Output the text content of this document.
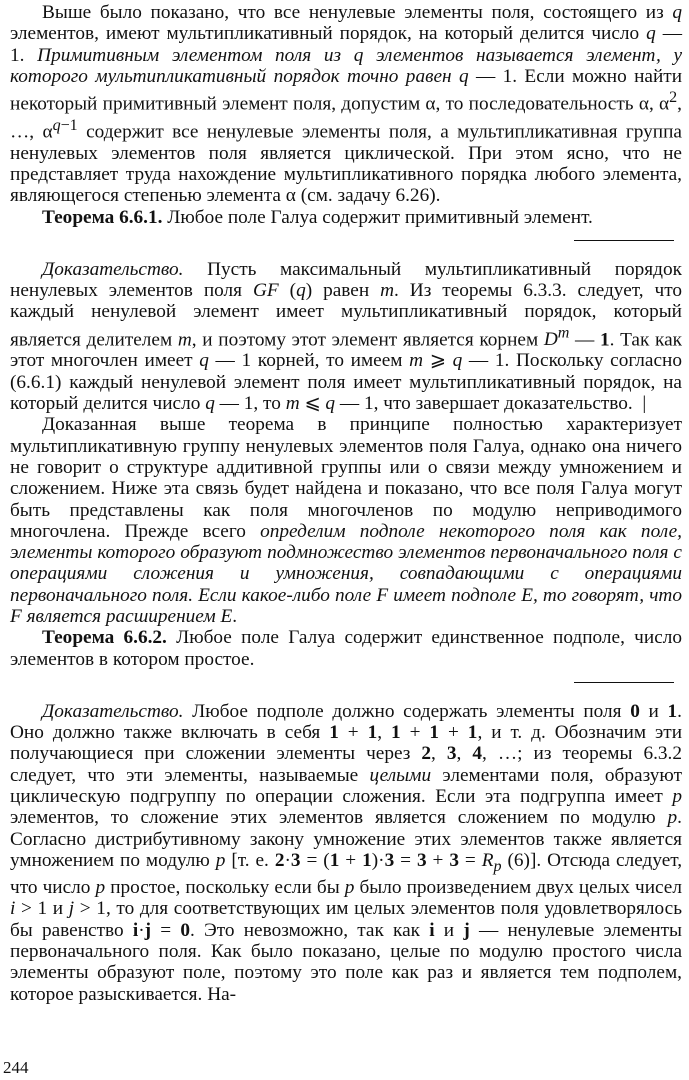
Выше было показано, что все ненулевые элементы поля, состоящего из q элементов, имеют мультипликативный порядок, на который делится число q — 1. Примитивным элементом поля из q элементов называется элемент, у которого мультипликативный порядок точно равен q — 1. Если можно найти некоторый примитивный элемент поля, допустим α, то последовательность α, $\alpha^2$, …, $\alpha^{q-1}$ содержит все ненулевые элементы поля, а мультипликативная группа ненулевых элементов поля является циклической. При этом ясно, что не представляет труда нахождение мультипликативного порядка любого элемента, являющегося степенью элемента α (см. задачу 6.26).

Теорема 6.6.1. Любое поле Галуа содержит примитивный элемент.

Доказательство. Пусть максимальный мультипликативный порядок ненулевых элементов поля GF (q) равен m. Из теоремы 6.3.3. следует, что каждый ненулевой элемент имеет мультипликативный порядок, который является делителем m, и поэтому этот элемент является корнем $D^m$ — 1. Так как этот многочлен имеет q — 1 корней, то имеем m ⩾ q — 1. Поскольку согласно (6.6.1) каждый ненулевой элемент поля имеет мультипликативный порядок, на который делится число q — 1, то m ⩽ q — 1, что завершает доказательство.  |

Доказанная выше теорема в принципе полностью характеризует мультипликативную группу ненулевых элементов поля Галуа, однако она ничего не говорит о структуре аддитивной группы или о связи между умножением и сложением. Ниже эта связь будет найдена и показано, что все поля Галуа могут быть представлены как поля многочленов по модулю неприводимого многочлена. Прежде всего определим подполе некоторого поля как поле, элементы которого образуют подмножество элементов первоначального поля с операциями сложения и умножения, совпадающими с операциями первоначального поля. Если какое-либо поле F имеет подполе E, то говорят, что F является расширением E.

Теорема 6.6.2. Любое поле Галуа содержит единственное подполе, число элементов в котором простое.

Доказательство. Любое подполе должно содержать элементы поля 0 и 1. Оно должно также включать в себя 1 + 1, 1 + 1 + 1, и т. д. Обозначим эти получающиеся при сложении элементы через 2, 3, 4, …; из теоремы 6.3.2 следует, что эти элементы, называемые целыми элементами поля, образуют циклическую подгруппу по операции сложения. Если эта подгруппа имеет p элементов, то сложение этих элементов является сложением по модулю p. Согласно дистрибутивному закону умножение этих элементов также является умножением по модулю p [т. е. $2\cdot 3 = (1 + 1)\cdot 3 = 3 + 3 = R_p$ (6)]. Отсюда следует, что число p простое, поскольку если бы p было произведением двух целых чисел i > 1 и j > 1, то для соответствующих им целых элементов поля удовлетворялось бы равенство i·j = 0. Это невозможно, так как i и j — ненулевые элементы первоначального поля. Как было показано, целые по модулю простого числа элементы образуют поле, поэтому это поле как раз и является тем подполем, которое разыскивается. На-

244
